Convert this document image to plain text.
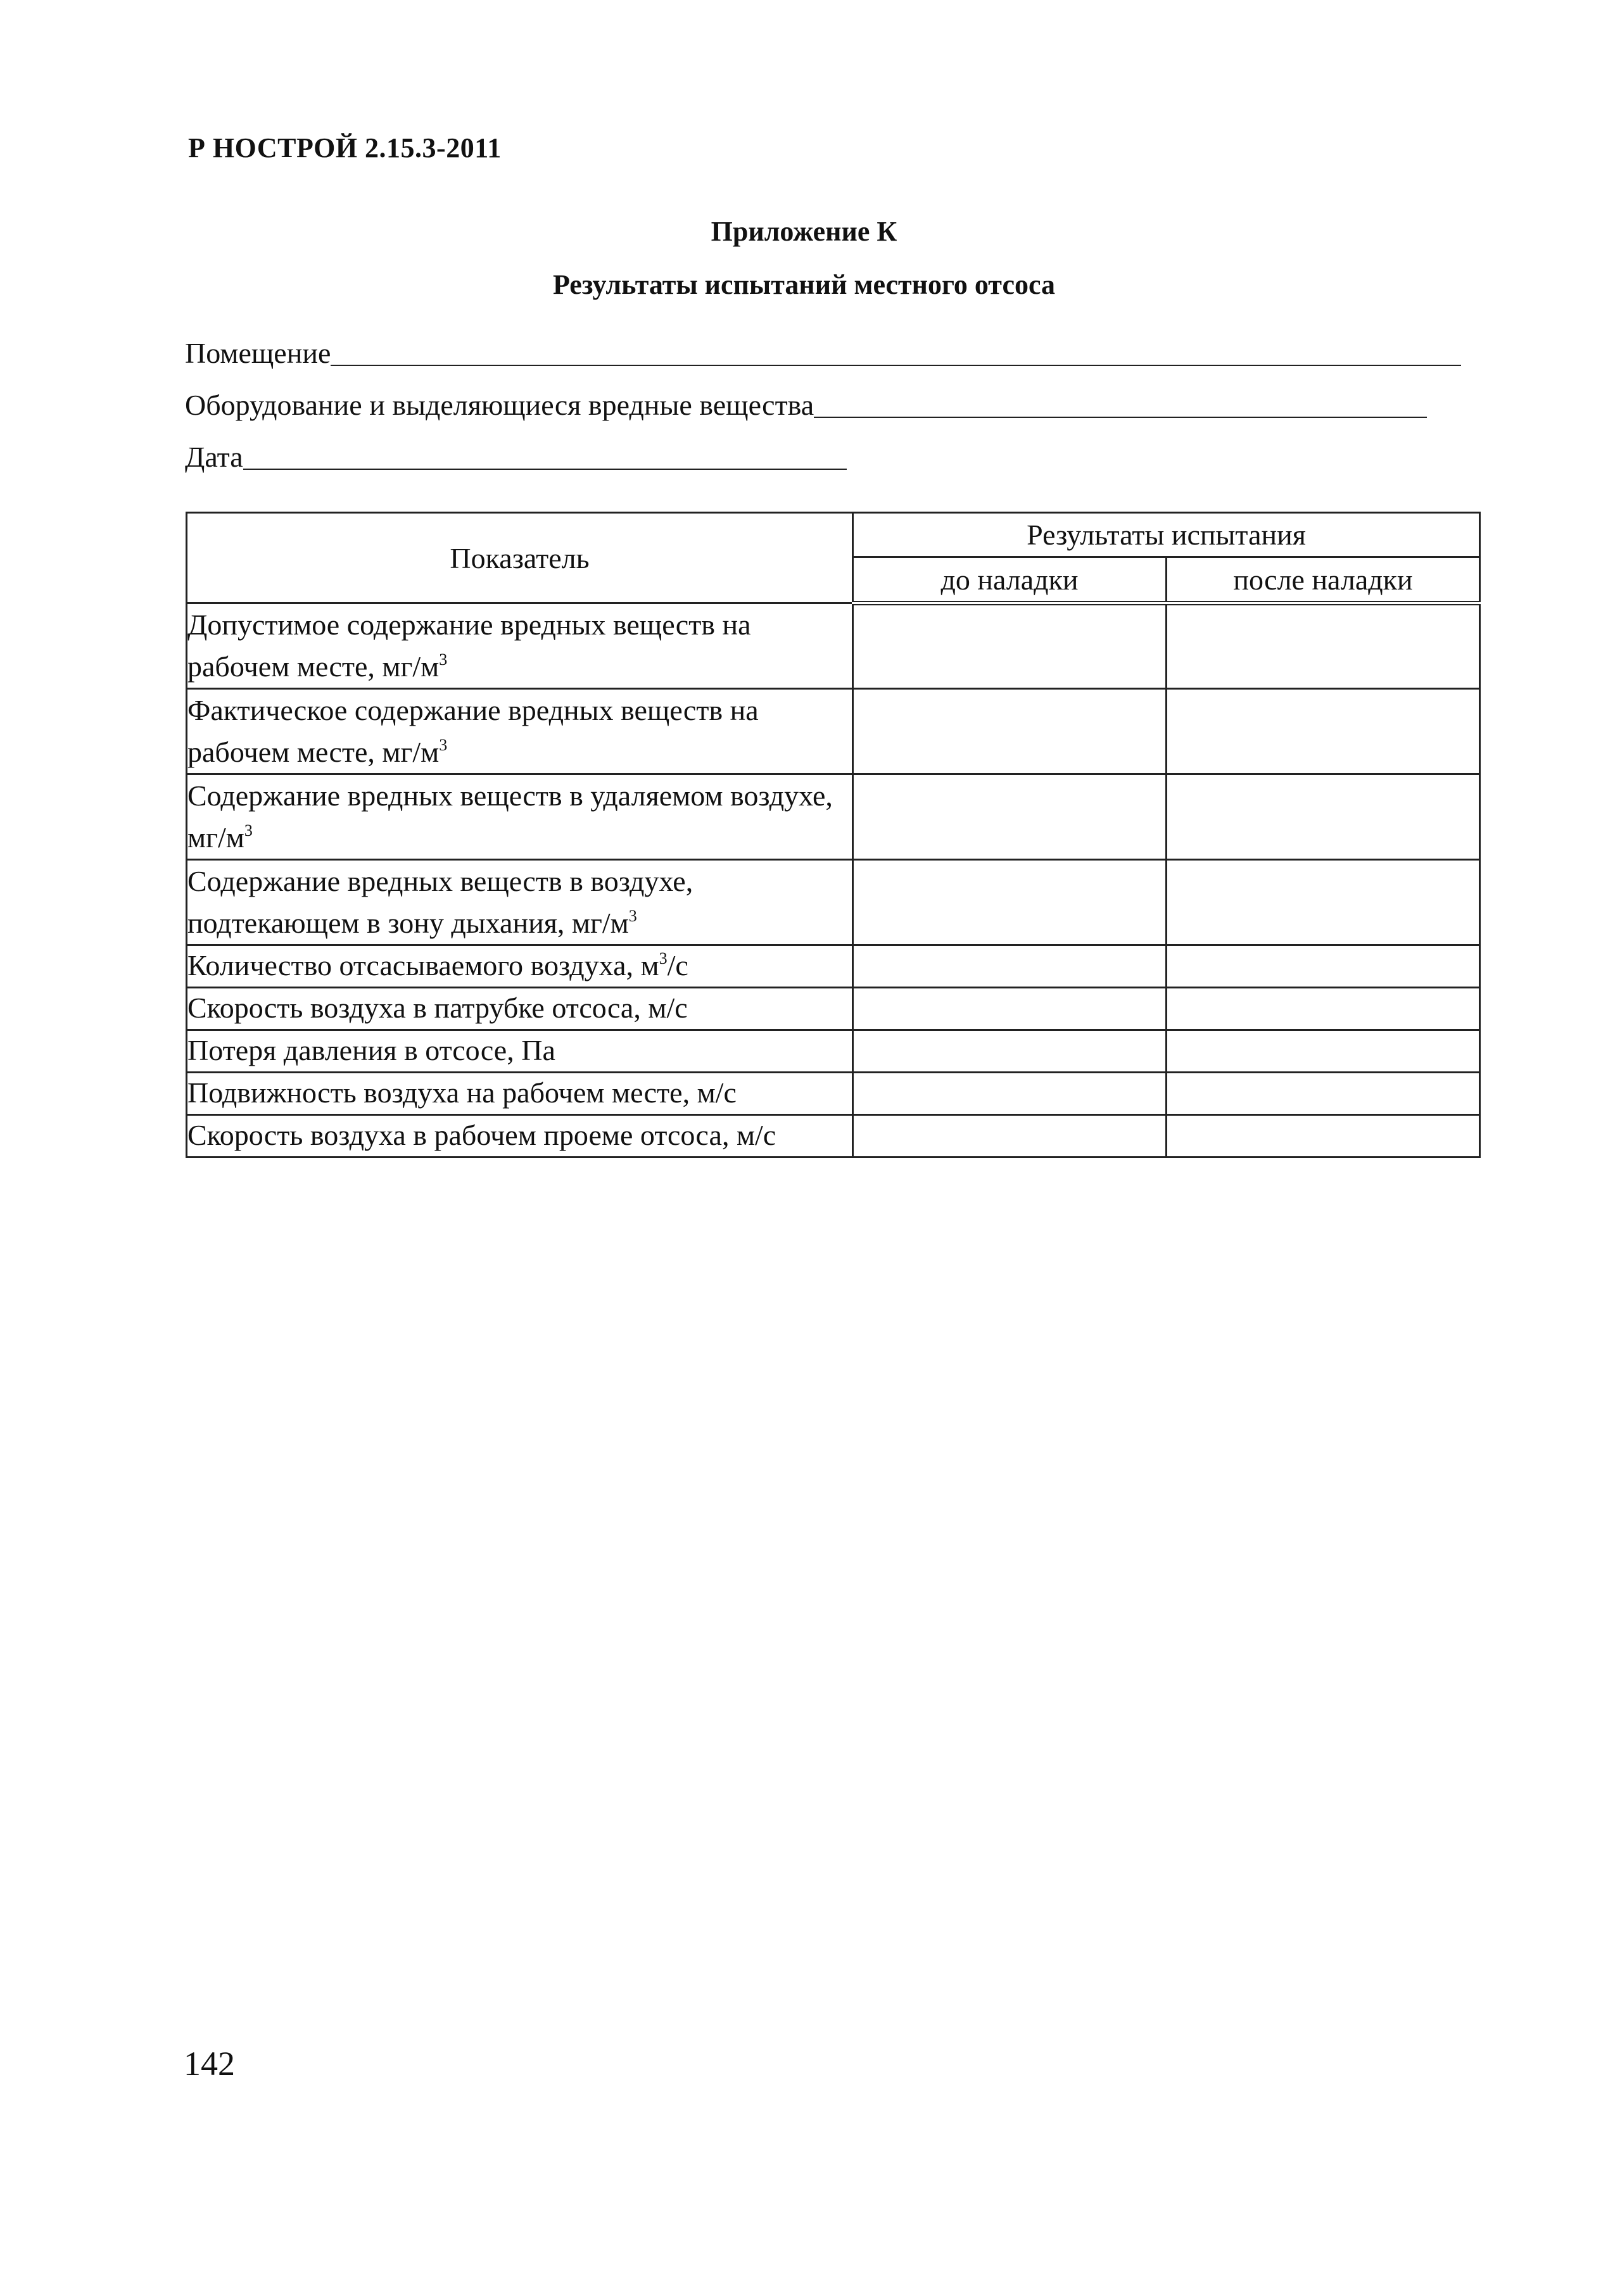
Р НОСТРОЙ 2.15.3-2011
Приложение К
Результаты испытаний местного отсоса
Помещение
Оборудование и выделяющиеся вредные вещества
Дата
Показатель	Результаты испытания	
	до наладки	после наладки
Допустимое содержание вредных веществ на рабочем месте, $мг/м^3$		
Фактическое содержание вредных веществ на рабочем месте, $мг/м^3$		
Содержание вредных веществ в удаляемом воздухе, $мг/м^3$		
Содержание вредных веществ в воздухе, подтекающем в зону дыхания, $мг/м^3$		
Количество отсасываемого воздуха, $м^3/с$		
Скорость воздуха в патрубке отсоса, м/с		
Потеря давления в отсосе, Па		
Подвижность воздуха на рабочем месте, м/с		
Скорость воздуха в рабочем проеме отсоса, м/с		
142
